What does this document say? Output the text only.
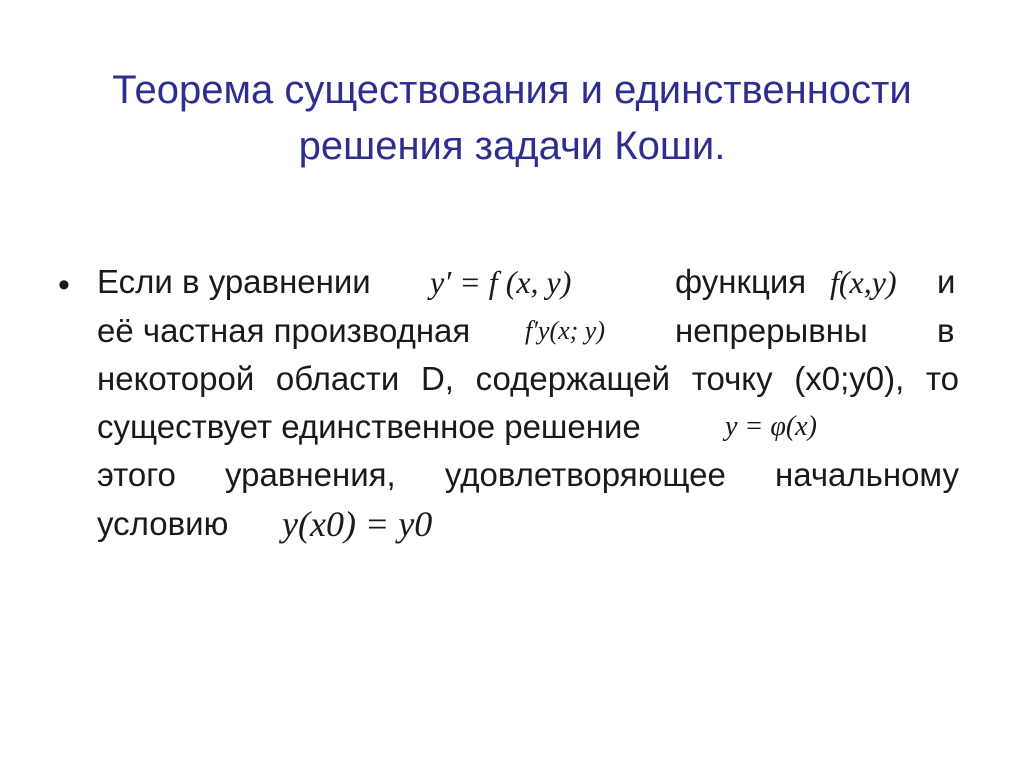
Теорема существования и единственности
решения задачи Коши.
• Если в уравнении y′ = f (x, y)	функция f(x,y) и
её частная производная f′y(x; y) непрерывны в
некоторой области D, содержащей точку (x0;y0), то
существует единственное решение	y = φ(x)
этого уравнения, удовлетворяющее начальному
условию y(x0) = y0
